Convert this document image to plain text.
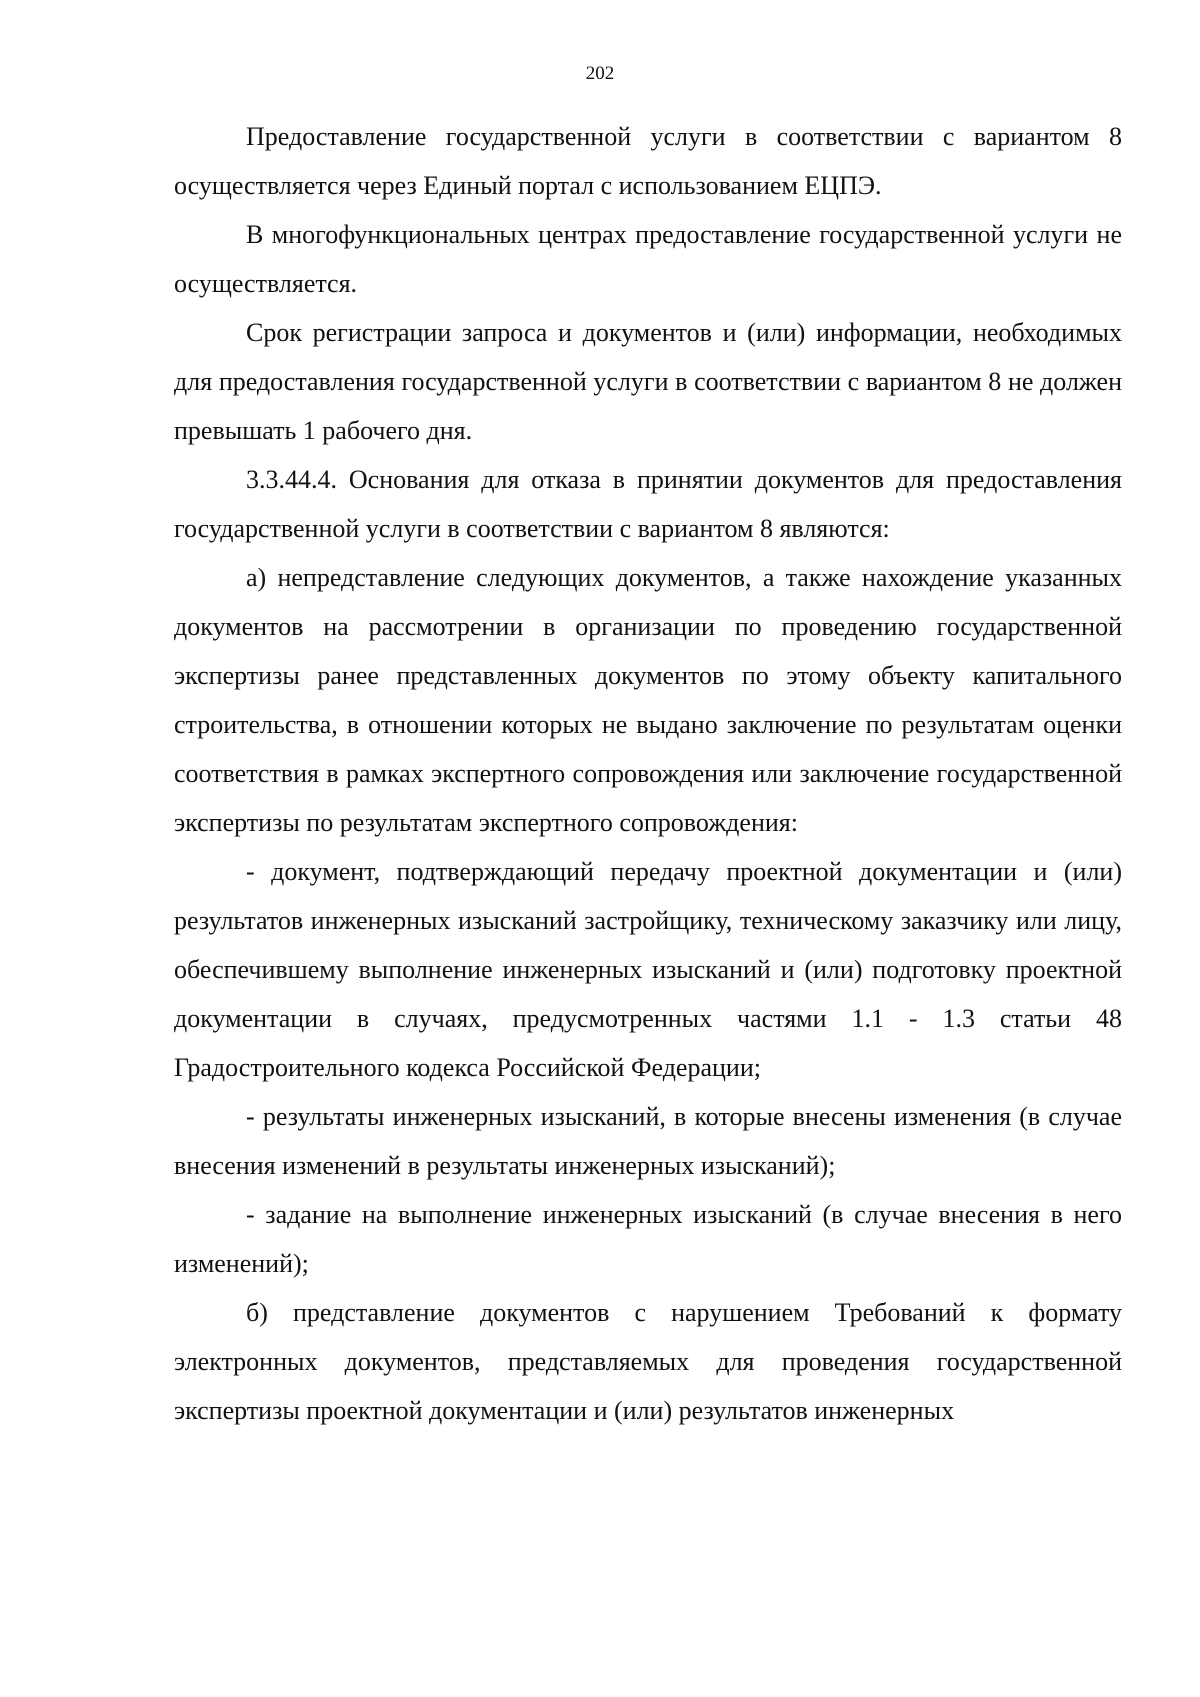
202

Предоставление государственной услуги в соответствии с вариантом 8 осуществляется через Единый портал с использованием ЕЦПЭ.

В многофункциональных центрах предоставление государственной услуги не осуществляется.

Срок регистрации запроса и документов и (или) информации, необходимых для предоставления государственной услуги в соответствии с вариантом 8 не должен превышать 1 рабочего дня.

3.3.44.4. Основания для отказа в принятии документов для предоставления государственной услуги в соответствии с вариантом 8 являются:

а) непредставление следующих документов, а также нахождение указанных документов на рассмотрении в организации по проведению государственной экспертизы ранее представленных документов по этому объекту капитального строительства, в отношении которых не выдано заключение по результатам оценки соответствия в рамках экспертного сопровождения или заключение государственной экспертизы по результатам экспертного сопровождения:

- документ, подтверждающий передачу проектной документации и (или) результатов инженерных изысканий застройщику, техническому заказчику или лицу, обеспечившему выполнение инженерных изысканий и (или) подготовку проектной документации в случаях, предусмотренных частями 1.1 - 1.3 статьи 48 Градостроительного кодекса Российской Федерации;

- результаты инженерных изысканий, в которые внесены изменения (в случае внесения изменений в результаты инженерных изысканий);

- задание на выполнение инженерных изысканий (в случае внесения в него изменений);

б) представление документов с нарушением Требований к формату электронных документов, представляемых для проведения государственной экспертизы проектной документации и (или) результатов инженерных
